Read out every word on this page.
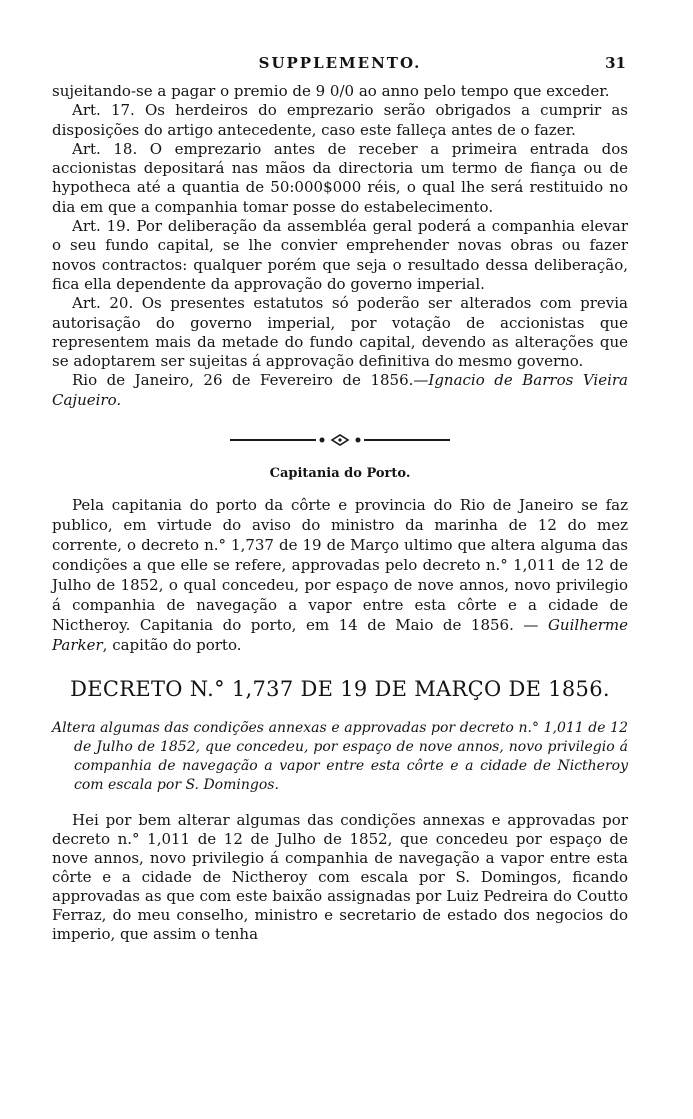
SUPPLEMENTO.	31

sujeitando-se a pagar o premio de 9 0/0 ao anno pelo tempo que exceder.

Art. 17. Os herdeiros do emprezario serão obrigados a cumprir as disposições do artigo antecedente, caso este falleça antes de o fazer.

Art. 18. O emprezario antes de receber a primeira entrada dos accionistas depositará nas mãos da directoria um termo de fiança ou de hypotheca até a quantia de 50:000$000 réis, o qual lhe será restituido no dia em que a companhia tomar posse do estabelecimento.

Art. 19. Por deliberação da assembléa geral poderá a companhia elevar o seu fundo capital, se lhe convier emprehender novas obras ou fazer novos contractos: qualquer porém que seja o resultado dessa deliberação, fica ella dependente da approvação do governo imperial.

Art. 20. Os presentes estatutos só poderão ser alterados com previa autorisação do governo imperial, por votação de accionistas que representem mais da metade do fundo capital, devendo as alterações que se adoptarem ser sujeitas á approvação definitiva do mesmo governo.

Rio de Janeiro, 26 de Fevereiro de 1856.—Ignacio de Barros Vieira Cajueiro.

Capitania do Porto.

Pela capitania do porto da côrte e provincia do Rio de Janeiro se faz publico, em virtude do aviso do ministro da marinha de 12 do mez corrente, o decreto n.° 1,737 de 19 de Março ultimo que altera alguma das condições a que elle se refere, approvadas pelo decreto n.° 1,011 de 12 de Julho de 1852, o qual concedeu, por espaço de nove annos, novo privilegio á companhia de navegação a vapor entre esta côrte e a cidade de Nictheroy. Capitania do porto, em 14 de Maio de 1856. — Guilherme Parker, capitão do porto.

DECRETO N.° 1,737 DE 19 DE MARÇO DE 1856.

Altera algumas das condições annexas e approvadas por decreto n.° 1,011 de 12 de Julho de 1852, que concedeu, por espaço de nove annos, novo privilegio á companhia de navegação a vapor entre esta côrte e a cidade de Nictheroy com escala por S. Domingos.

Hei por bem alterar algumas das condições annexas e approvadas por decreto n.° 1,011 de 12 de Julho de 1852, que concedeu por espaço de nove annos, novo privilegio á companhia de navegação a vapor entre esta côrte e a cidade de Nictheroy com escala por S. Domingos, ficando approvadas as que com este baixão assignadas por Luiz Pedreira do Coutto Ferraz, do meu conselho, ministro e secretario de estado dos negocios do imperio, que assim o tenha
